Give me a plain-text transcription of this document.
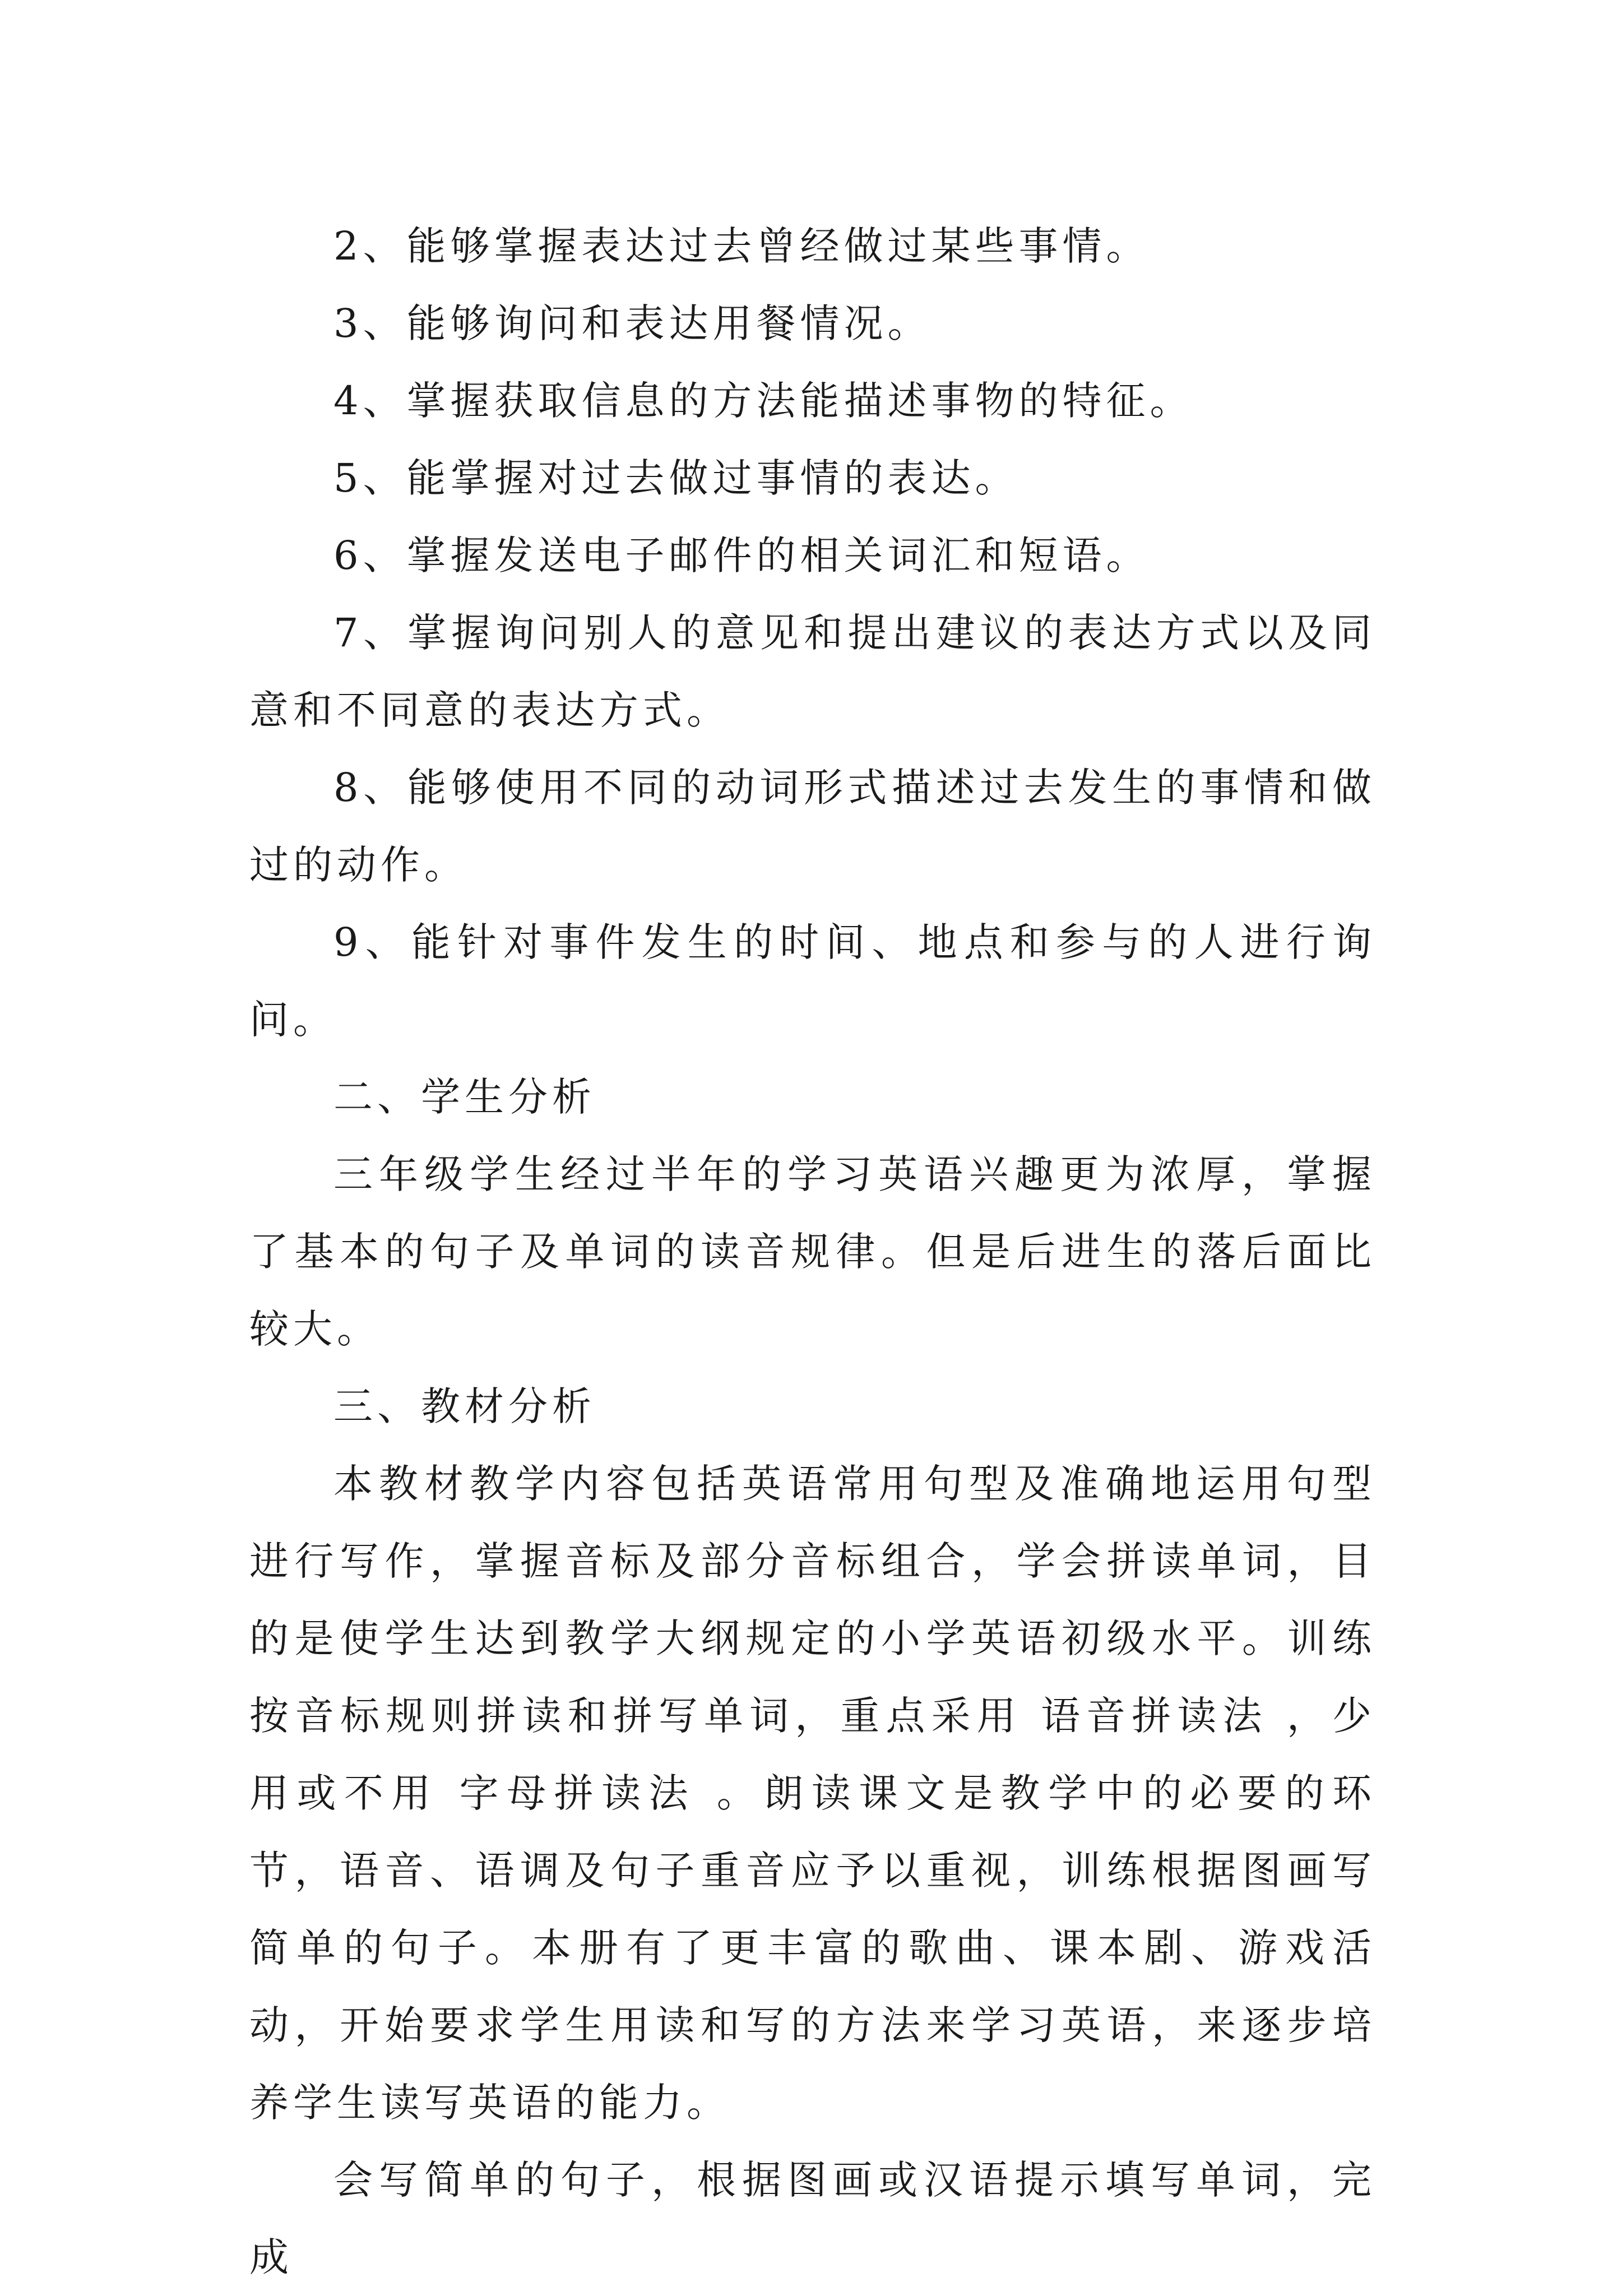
2、能够掌握表达过去曾经做过某些事情。

3、能够询问和表达用餐情况。

4、掌握获取信息的方法能描述事物的特征。

5、能掌握对过去做过事情的表达。

6、掌握发送电子邮件的相关词汇和短语。

7、掌握询问别人的意见和提出建议的表达方式以及同意和不同意的表达方式。

8、能够使用不同的动词形式描述过去发生的事情和做过的动作。

9、能针对事件发生的时间、地点和参与的人进行询问。

二、学生分析

三年级学生经过半年的学习英语兴趣更为浓厚，掌握了基本的句子及单词的读音规律。但是后进生的落后面比较大。

三、教材分析

本教材教学内容包括英语常用句型及准确地运用句型进行写作，掌握音标及部分音标组合，学会拼读单词，目的是使学生达到教学大纲规定的小学英语初级水平。训练按音标规则拼读和拼写单词，重点采用 语音拼读法 ，少用或不用 字母拼读法 。朗读课文是教学中的必要的环节，语音、语调及句子重音应予以重视，训练根据图画写简单的句子。本册有了更丰富的歌曲、课本剧、游戏活动，开始要求学生用读和写的方法来学习英语，来逐步培养学生读写英语的能力。

会写简单的句子，根据图画或汉语提示填写单词，完成
